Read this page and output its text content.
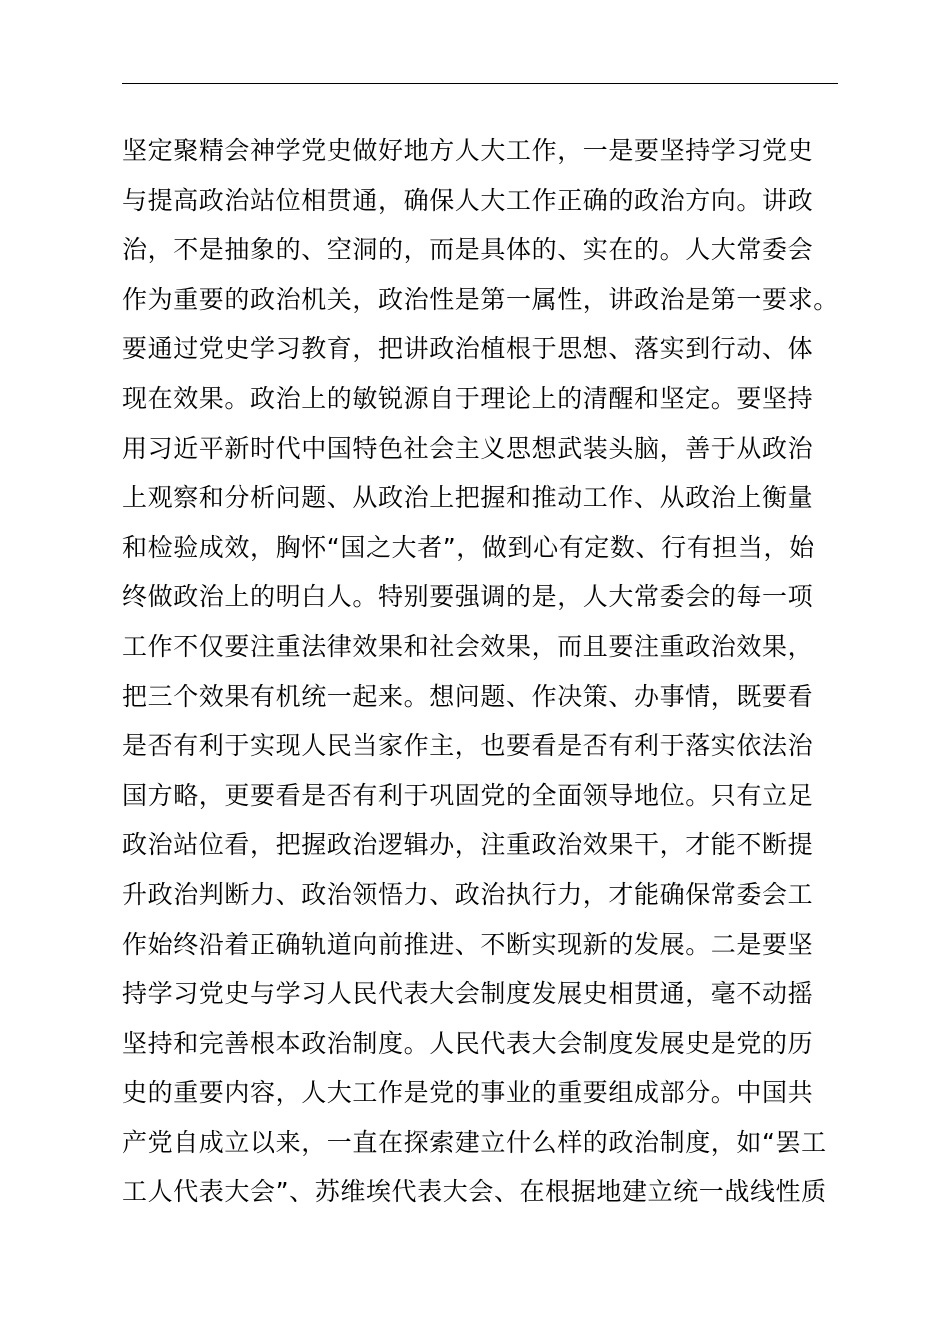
坚定聚精会神学党史做好地方人大工作，一是要坚持学习党史
与提高政治站位相贯通，确保人大工作正确的政治方向。讲政
治，不是抽象的、空洞的，而是具体的、实在的。人大常委会
作为重要的政治机关，政治性是第一属性，讲政治是第一要求。
要通过党史学习教育，把讲政治植根于思想、落实到行动、体
现在效果。政治上的敏锐源自于理论上的清醒和坚定。要坚持
用习近平新时代中国特色社会主义思想武装头脑，善于从政治
上观察和分析问题、从政治上把握和推动工作、从政治上衡量
和检验成效，胸怀“国之大者”，做到心有定数、行有担当，始
终做政治上的明白人。特别要强调的是，人大常委会的每一项
工作不仅要注重法律效果和社会效果，而且要注重政治效果，
把三个效果有机统一起来。想问题、作决策、办事情，既要看
是否有利于实现人民当家作主，也要看是否有利于落实依法治
国方略，更要看是否有利于巩固党的全面领导地位。只有立足
政治站位看，把握政治逻辑办，注重政治效果干，才能不断提
升政治判断力、政治领悟力、政治执行力，才能确保常委会工
作始终沿着正确轨道向前推进、不断实现新的发展。二是要坚
持学习党史与学习人民代表大会制度发展史相贯通，毫不动摇
坚持和完善根本政治制度。人民代表大会制度发展史是党的历
史的重要内容，人大工作是党的事业的重要组成部分。中国共
产党自成立以来，一直在探索建立什么样的政治制度，如“罢工
工人代表大会”、苏维埃代表大会、在根据地建立统一战线性质
